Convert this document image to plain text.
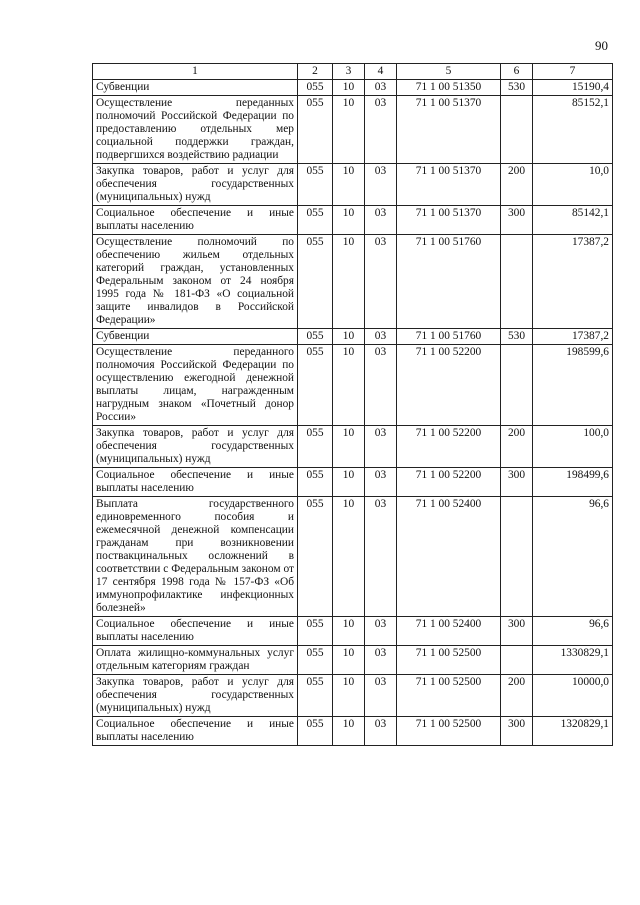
90
1	2	3	4	5	6	7
Субвенции	055	10	03	71 1 00 51350	530	15190,4
Осуществление переданных полномочий Российской Федерации по предоставлению отдельных мер социальной поддержки граждан, подвергшихся воздействию радиации	055	10	03	71 1 00 51370		85152,1
Закупка товаров, работ и услуг для обеспечения государственных (муниципальных) нужд	055	10	03	71 1 00 51370	200	10,0
Социальное обеспечение и иные выплаты населению	055	10	03	71 1 00 51370	300	85142,1
Осуществление полномочий по обеспечению жильем отдельных категорий граждан, установленных Федеральным законом от 24 ноября 1995 года № 181-ФЗ «О социальной защите инвалидов в Российской Федерации»	055	10	03	71 1 00 51760		17387,2
Субвенции	055	10	03	71 1 00 51760	530	17387,2
Осуществление переданного полномочия Российской Федерации по осуществлению ежегодной денежной выплаты лицам, награжденным нагрудным знаком «Почетный донор России»	055	10	03	71 1 00 52200		198599,6
Закупка товаров, работ и услуг для обеспечения государственных (муниципальных) нужд	055	10	03	71 1 00 52200	200	100,0
Социальное обеспечение и иные выплаты населению	055	10	03	71 1 00 52200	300	198499,6
Выплата государственного единовременного пособия и ежемесячной денежной компенсации гражданам при возникновении поствакцинальных осложнений в соответствии с Федеральным законом от 17 сентября 1998 года № 157-ФЗ «Об иммунопрофилактике инфекционных болезней»	055	10	03	71 1 00 52400		96,6
Социальное обеспечение и иные выплаты населению	055	10	03	71 1 00 52400	300	96,6
Оплата жилищно-коммунальных услуг отдельным категориям граждан	055	10	03	71 1 00 52500		1330829,1
Закупка товаров, работ и услуг для обеспечения государственных (муниципальных) нужд	055	10	03	71 1 00 52500	200	10000,0
Социальное обеспечение и иные выплаты населению	055	10	03	71 1 00 52500	300	1320829,1
